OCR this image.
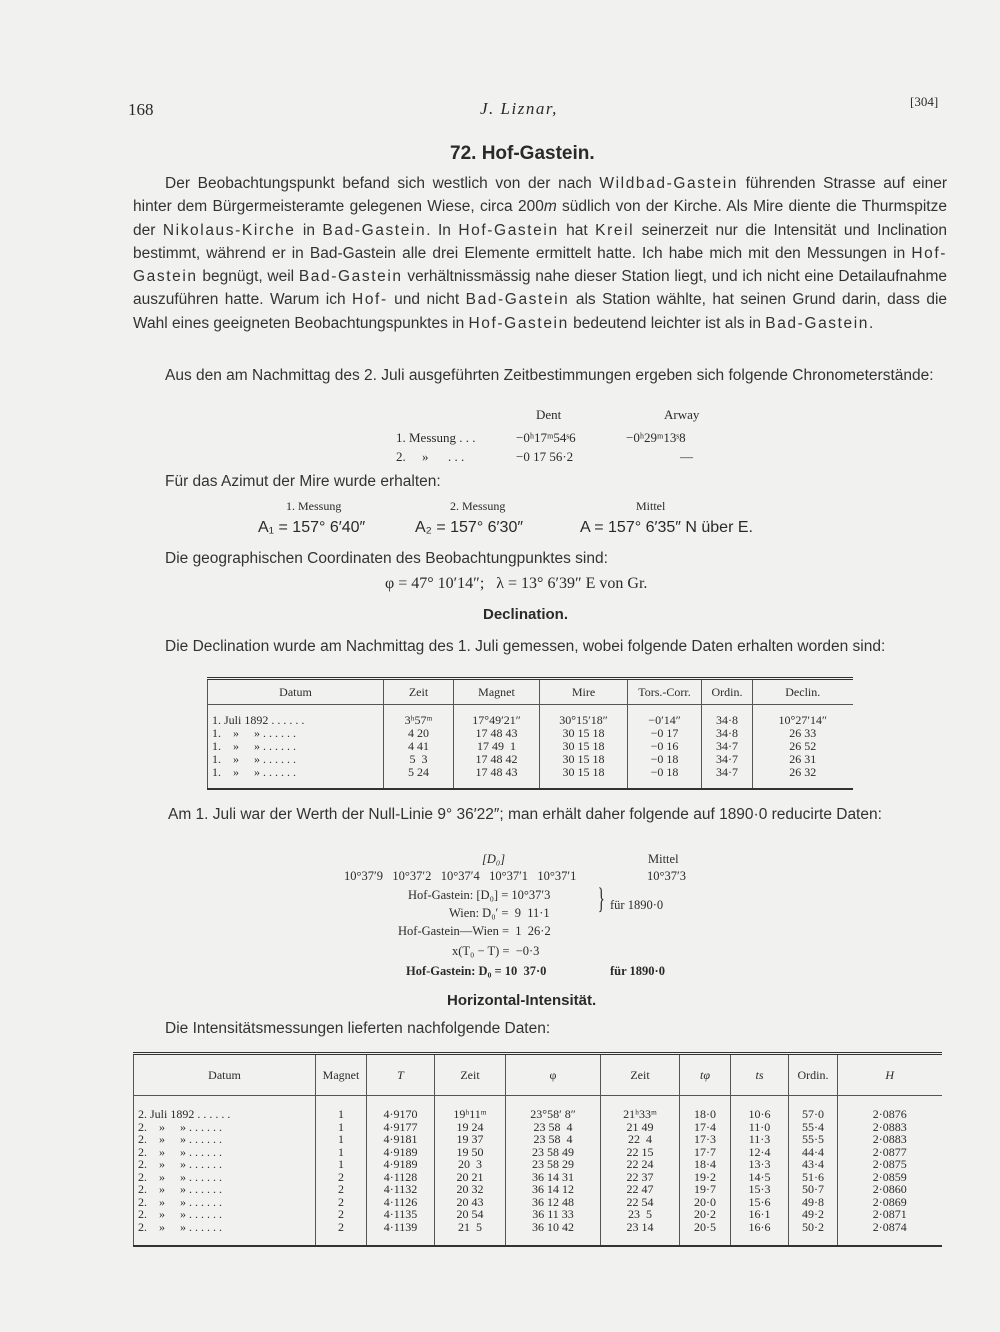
168	J. Liznar,	[304]
72. Hof-Gastein.

Der Beobachtungspunkt befand sich westlich von der nach Wildbad-Gastein führenden Strasse auf einer hinter dem Bürgermeisteramte gelegenen Wiese, circa 200m südlich von der Kirche. Als Mire diente die Thurmspitze der Nikolaus-Kirche in Bad-Gastein. In Hof-Gastein hat Kreil seinerzeit nur die Intensität und Inclination bestimmt, während er in Bad-Gastein alle drei Elemente ermittelt hatte. Ich habe mich mit den Messungen in Hof-Gastein begnügt, weil Bad-Gastein verhältnissmässig nahe dieser Station liegt, und ich nicht eine Detailaufnahme auszuführen hatte. Warum ich Hof- und nicht Bad-Gastein als Station wählte, hat seinen Grund darin, dass die Wahl eines geeigneten Beobachtungspunktes in Hof-Gastein bedeutend leichter ist als in Bad-Gastein.

Aus den am Nachmittag des 2. Juli ausgeführten Zeitbestimmungen ergeben sich folgende Chronometerstände:

Dent	Arway
1. Messung . . .	−0ʰ17ᵐ54ˢ6	−0ʰ29ᵐ13ˢ8
2.     »      . . .	−0 17 56·2	—
Für das Azimut der Mire wurde erhalten:
1. Messung	2. Messung	Mittel
A₁ = 157° 6′40″	A₂ = 157° 6′30″	A = 157° 6′35″ N über E.
Die geographischen Coordinaten des Beobachtungpunktes sind:
φ = 47° 10′14″;   λ = 13° 6′39″ E von Gr.
Declination.
Die Declination wurde am Nachmittag des 1. Juli gemessen, wobei folgende Daten erhalten worden sind:
Datum	Zeit	Magnet	Mire	Tors.-Corr.	Ordin.	Declin.

1. Juli 1892 . . . . . .	3ʰ57ᵐ	17°49′21″	30°15′18″	−0′14″	34·8	10°27′14″
1.    »     » . . . . . .	4 20	17 48 43	30 15 18	−0 17	34·8	26 33
1.    »     » . . . . . .	4 41	17 49  1	30 15 18	−0 16	34·7	26 52
1.    »     » . . . . . .	5  3	17 48 42	30 15 18	−0 18	34·7	26 31
1.    »     » . . . . . .	5 24	17 48 43	30 15 18	−0 18	34·7	26 32

Am 1. Juli war der Werth der Null-Linie 9° 36′22″; man erhält daher folgende auf 1890·0 reducirte Daten:
[D₀]	Mittel
10°37′9   10°37′2   10°37′4   10°37′1   10°37′1	10°37′3
Hof-Gastein: [D₀] = 10°37′3
Wien: D₀′ =  9  11·1 } für 1890·0
Hof-Gastein—Wien =  1  26·2
x(T₀ − T) =  −0·3
Hof-Gastein: D₀ = 10  37·0	für 1890·0
Horizontal-Intensität.
Die Intensitätsmessungen lieferten nachfolgende Daten:
Datum	Magnet	T	Zeit	φ	Zeit	tφ	ts	Ordin.	H

2. Juli 1892 . . . . . .	1	4·9170	19ʰ11ᵐ	23°58′ 8″	21ʰ33ᵐ	18·0	10·6	57·0	2·0876
2.    »     » . . . . . .	1	4·9177	19 24	23 58  4	21 49	17·4	11·0	55·4	2·0883
2.    »     » . . . . . .	1	4·9181	19 37	23 58  4	22  4	17·3	11·3	55·5	2·0883
2.    »     » . . . . . .	1	4·9189	19 50	23 58 49	22 15	17·7	12·4	44·4	2·0877
2.    »     » . . . . . .	1	4·9189	20  3	23 58 29	22 24	18·4	13·3	43·4	2·0875
2.    »     » . . . . . .	2	4·1128	20 21	36 14 31	22 37	19·2	14·5	51·6	2·0859
2.    »     » . . . . . .	2	4·1132	20 32	36 14 12	22 47	19·7	15·3	50·7	2·0860
2.    »     » . . . . . .	2	4·1126	20 43	36 12 48	22 54	20·0	15·6	49·8	2·0869
2.    »     » . . . . . .	2	4·1135	20 54	36 11 33	23  5	20·2	16·1	49·2	2·0871
2.    »     » . . . . . .	2	4·1139	21  5	36 10 42	23 14	20·5	16·6	50·2	2·0874
